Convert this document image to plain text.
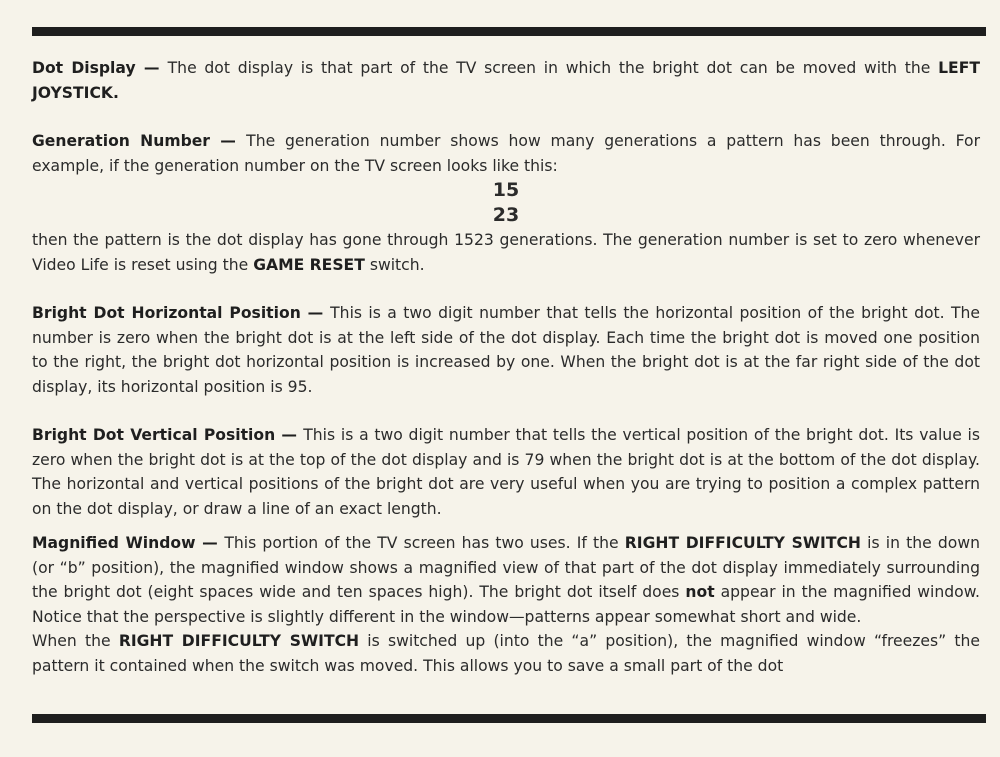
Dot Display — The dot display is that part of the TV screen in which the bright dot can be moved with the LEFT JOYSTICK.

Generation Number — The generation number shows how many generations a pattern has been through. For example, if the generation number on the TV screen looks like this:

15
23

then the pattern is the dot display has gone through 1523 generations. The generation number is set to zero whenever Video Life is reset using the GAME RESET switch.

Bright Dot Horizontal Position — This is a two digit number that tells the horizontal position of the bright dot. The number is zero when the bright dot is at the left side of the dot display. Each time the bright dot is moved one position to the right, the bright dot horizontal position is increased by one. When the bright dot is at the far right side of the dot display, its horizontal position is 95.

Bright Dot Vertical Position — This is a two digit number that tells the vertical position of the bright dot. Its value is zero when the bright dot is at the top of the dot display and is 79 when the bright dot is at the bottom of the dot display. The horizontal and vertical positions of the bright dot are very useful when you are trying to position a complex pattern on the dot display, or draw a line of an exact length.

Magnified Window — This portion of the TV screen has two uses. If the RIGHT DIFFICULTY SWITCH is in the down (or “b” position), the magnified window shows a magnified view of that part of the dot display immediately surrounding the bright dot (eight spaces wide and ten spaces high). The bright dot itself does not appear in the magnified window. Notice that the perspective is slightly different in the window—patterns appear somewhat short and wide.

When the RIGHT DIFFICULTY SWITCH is switched up (into the “a” position), the magnified window “freezes” the pattern it contained when the switch was moved. This allows you to save a small part of the dot
